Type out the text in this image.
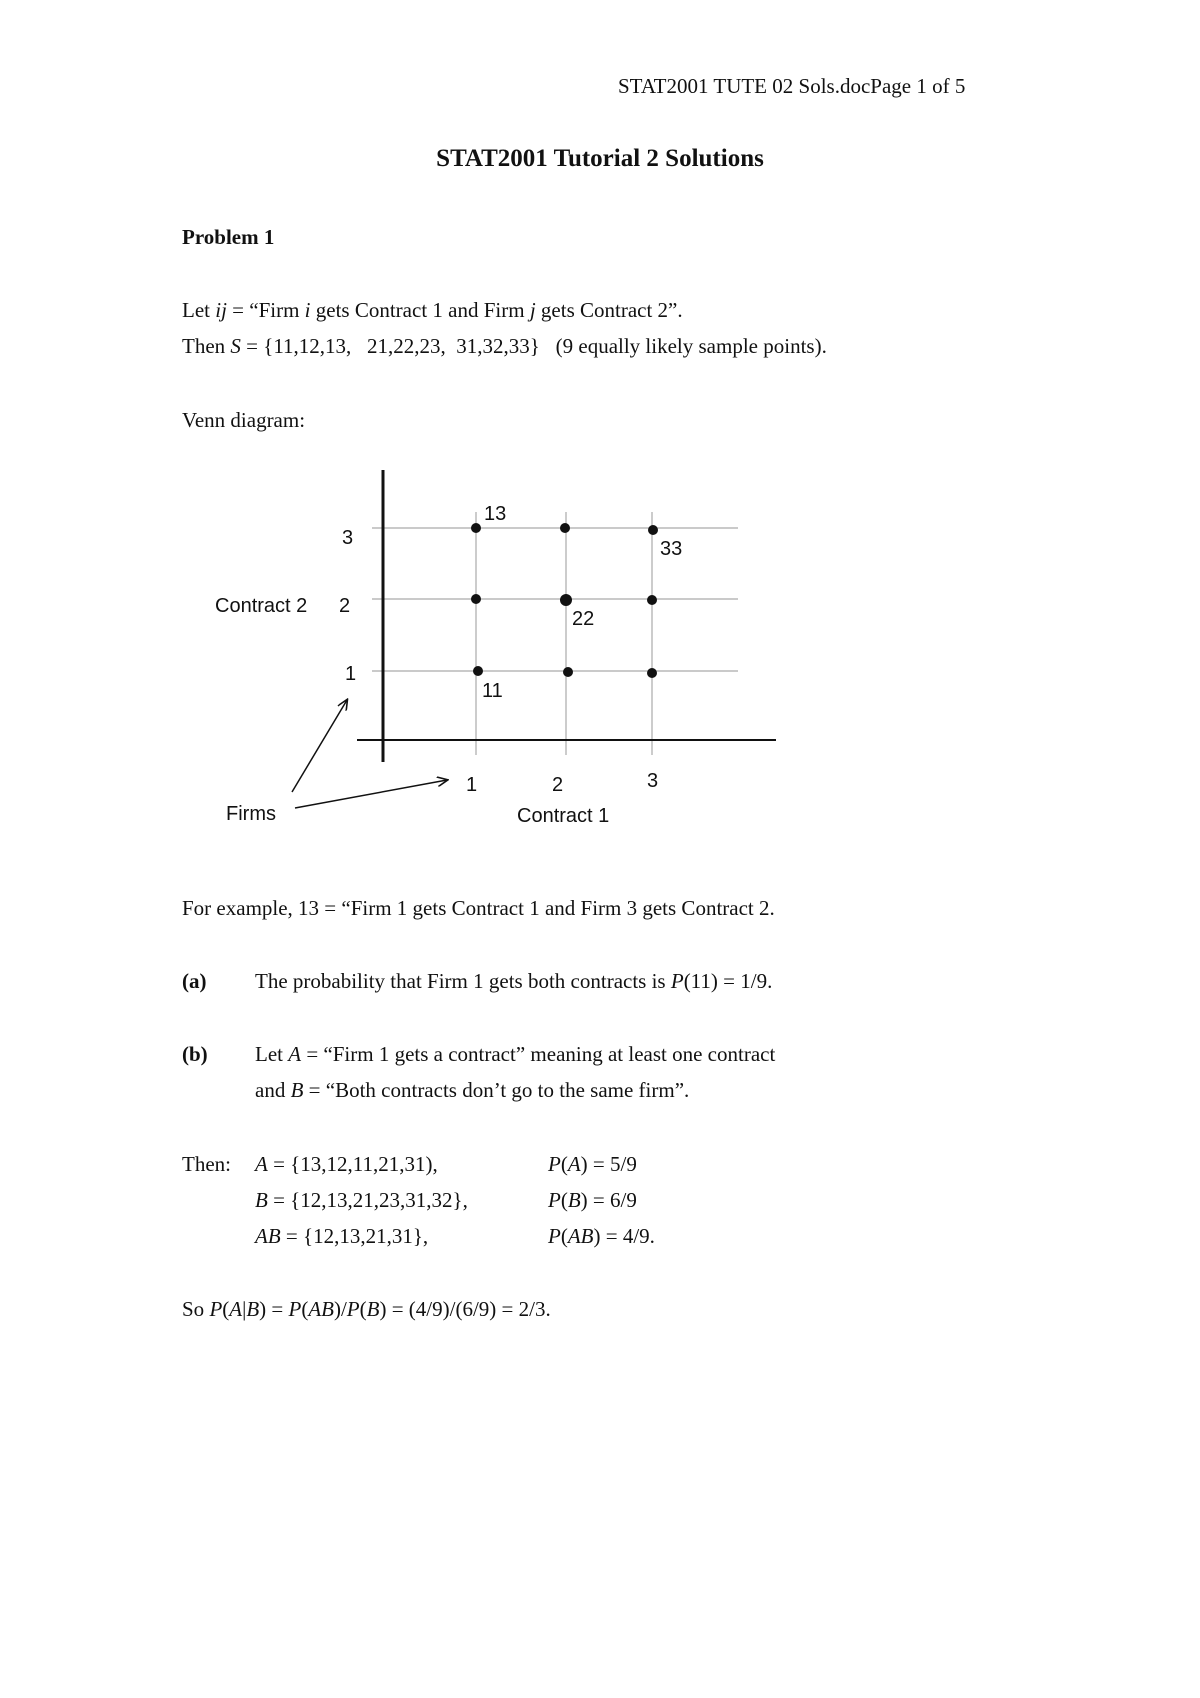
STAT2001 TUTE 02 Sols.docPage 1 of 5
STAT2001 Tutorial 2 Solutions
Problem 1
Let ij = “Firm i gets Contract 1 and Firm j gets Contract 2”.
Then S = {11,12,13,   21,22,23,  31,32,33}   (9 equally likely sample points).
Venn diagram:
3
2
1
1	2	3
Contract 2
Contract 1
Firms
13
33
22
11
For example, 13 = “Firm 1 gets Contract 1 and Firm 3 gets Contract 2.
(a) The probability that Firm 1 gets both contracts is P(11) = 1/9.
(b) Let A = “Firm 1 gets a contract” meaning at least one contract
and B = “Both contracts don’t go to the same firm”.
Then: A = {13,12,11,21,31),	P(A) = 5/9
B = {12,13,21,23,31,32},	P(B) = 6/9
AB = {12,13,21,31},	P(AB) = 4/9.
So P(A|B) = P(AB)/P(B) = (4/9)/(6/9) = 2/3.
